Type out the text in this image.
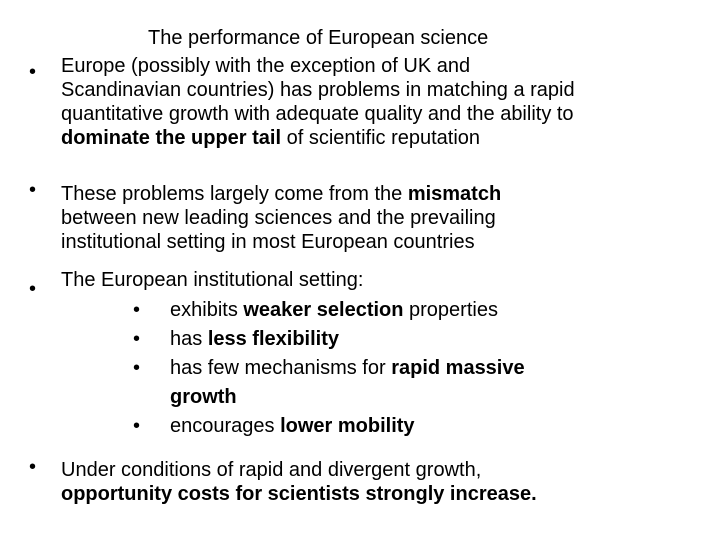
The performance of European science
• Europe (possibly with the exception of UK and
Scandinavian countries) has problems in matching a rapid
quantitative growth with adequate quality and the ability to
dominate the upper tail of scientific reputation
• These problems largely come from the mismatch
between new leading sciences and the prevailing
institutional setting in most European countries
• The European institutional setting:
• exhibits weaker selection properties
• has less flexibility
• has few mechanisms for rapid massive
growth
• encourages lower mobility
• Under conditions of rapid and divergent growth,
opportunity costs for scientists strongly increase.
